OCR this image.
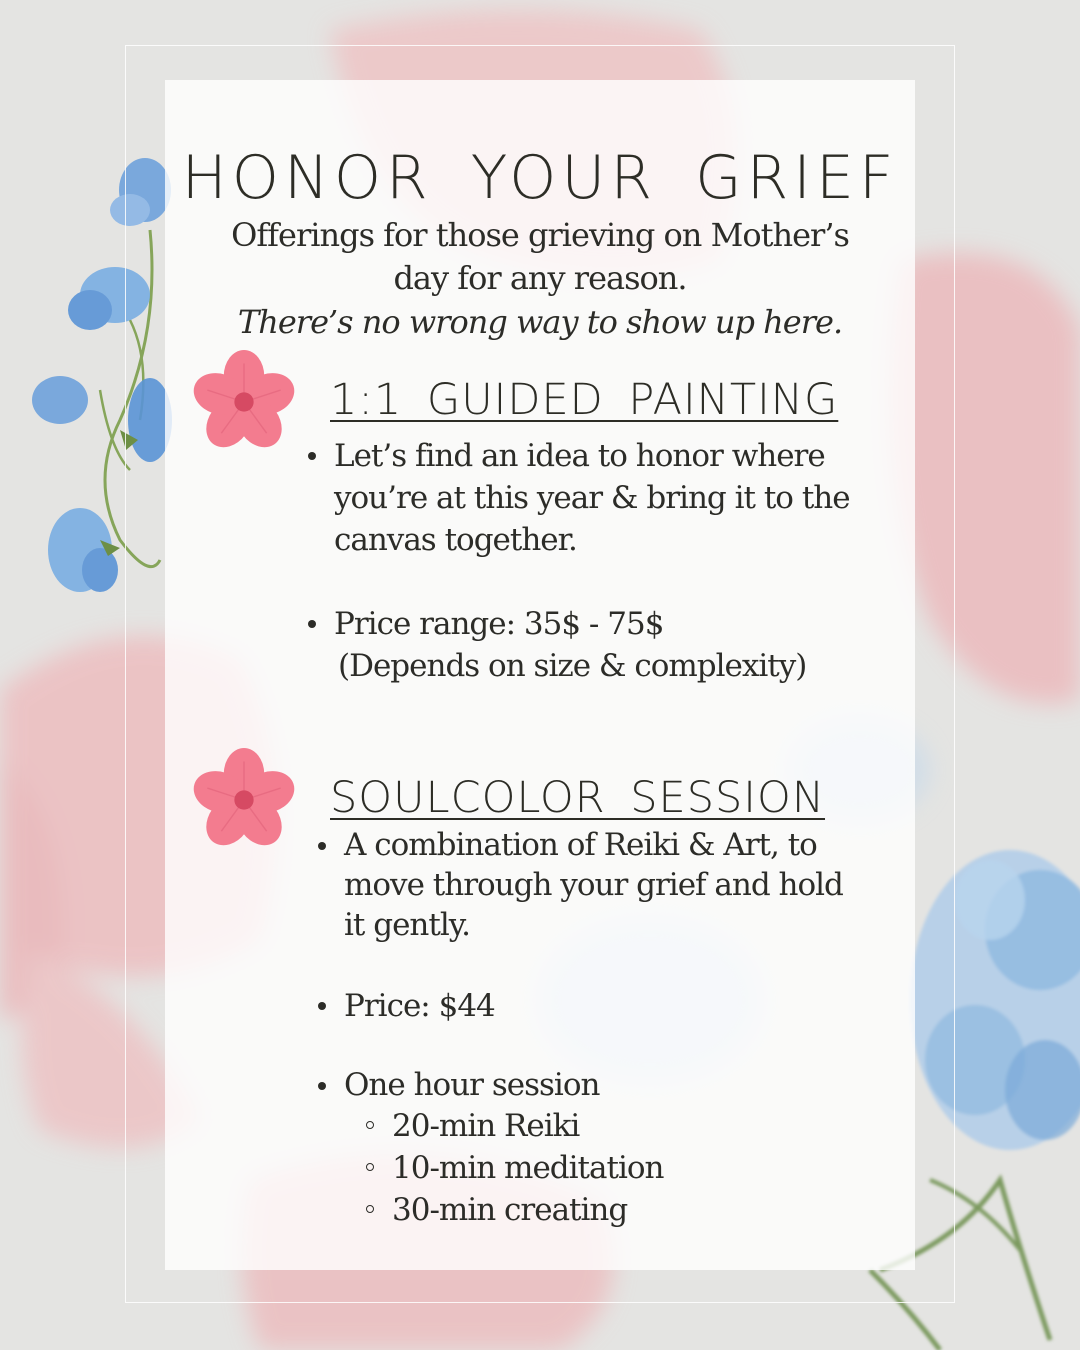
HONOR YOUR GRIEF

Offerings for those grieving on Mother’s
day for any reason.

There’s no wrong way to show up here.

1:1 GUIDED PAINTING
Let’s find an idea to honor where
you’re at this year & bring it to the
canvas together.
Price range: 35$ - 75$
(Depends on size & complexity)
SOULCOLOR SESSION
A combination of Reiki & Art, to
move through your grief and hold
it gently.
Price: $44
One hour session
20-min Reiki
10-min meditation
30-min creating
